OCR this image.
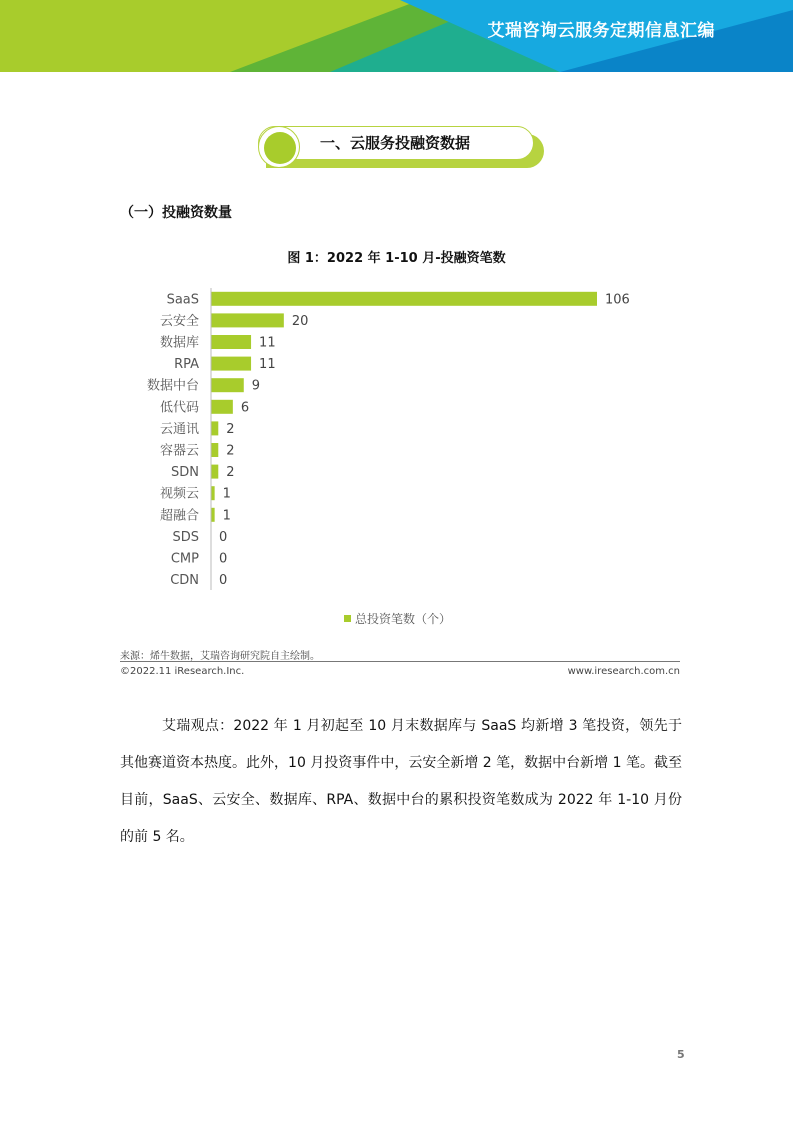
艾瑞咨询云服务定期信息汇编
一、云服务投融资数据
（一）投融资数量
图 1：2022 年 1-10 月-投融资笔数
SaaS
云安全
数据库
RPA
数据中台
低代码
云通讯
容器云
SDN
视频云
超融合
SDS
CMP
CDN
106
20
11
11
9
6
2
2
2
1
1
0
0
0
总投资笔数（个）
来源：烯牛数据，艾瑞咨询研究院自主绘制。
©2022.11 iResearch.Inc.	www.iresearch.com.cn

艾瑞观点：2022 年 1 月初起至 10 月末数据库与 SaaS 均新增 3 笔投资，领先于其他赛道资本热度。此外，10 月投资事件中，云安全新增 2 笔，数据中台新增 1 笔。截至目前，SaaS、云安全、数据库、RPA、数据中台的累积投资笔数成为 2022 年 1-10 月份的前 5 名。

5
